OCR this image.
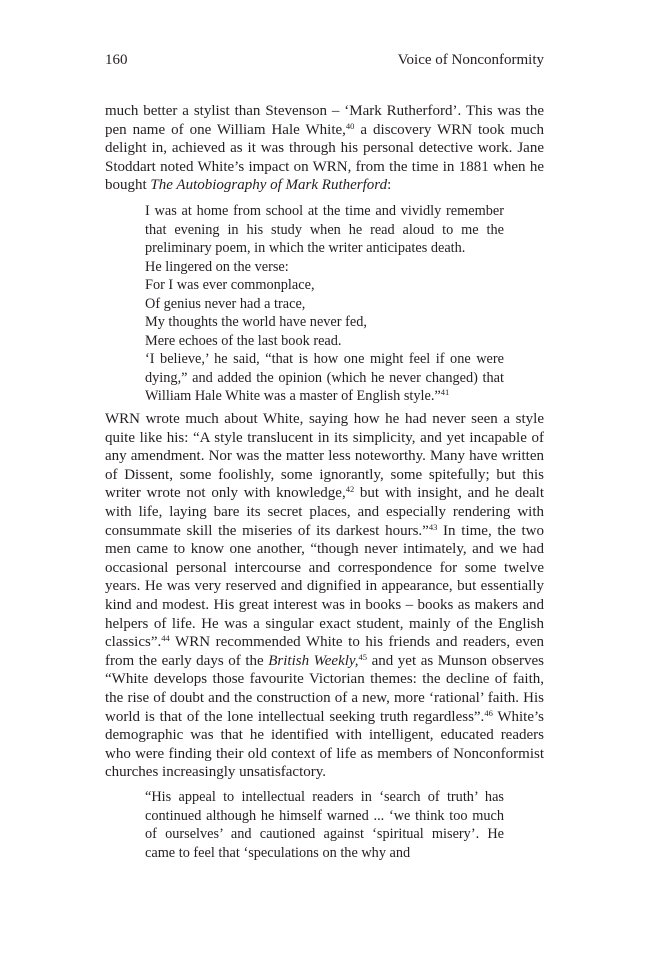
160	Voice of Nonconformity

much better a stylist than Stevenson – ‘Mark Rutherford’. This was the pen name of one William Hale White,$^{40}$ a discovery WRN took much delight in, achieved as it was through his personal detective work. Jane Stoddart noted White’s impact on WRN, from the time in 1881 when he bought The Autobiography of Mark Rutherford:

I was at home from school at the time and vividly remember that evening in his study when he read aloud to me the preliminary poem, in which the writer anticipates death.
He lingered on the verse:
For I was ever commonplace,
Of genius never had a trace,
My thoughts the world have never fed,
Mere echoes of the last book read.
‘I believe,’ he said, “that is how one might feel if one were dying,” and added the opinion (which he never changed) that William Hale White was a master of English style.”$^{41}$

WRN wrote much about White, saying how he had never seen a style quite like his: “A style translucent in its simplicity, and yet incapable of any amendment. Nor was the matter less noteworthy. Many have written of Dissent, some foolishly, some ignorantly, some spitefully; but this writer wrote not only with knowledge,$^{42}$ but with insight, and he dealt with life, laying bare its secret places, and especially rendering with consummate skill the miseries of its darkest hours.”$^{43}$ In time, the two men came to know one another, “though never intimately, and we had occasional personal intercourse and correspondence for some twelve years. He was very reserved and dignified in appearance, but essentially kind and modest. His great interest was in books – books as makers and helpers of life. He was a singular exact student, mainly of the English classics”.$^{44}$ WRN recommended White to his friends and readers, even from the early days of the British Weekly,$^{45}$ and yet as Munson observes “White develops those favourite Victorian themes: the decline of faith, the rise of doubt and the construction of a new, more ‘rational’ faith. His world is that of the lone intellectual seeking truth regardless”.$^{46}$ White’s demographic was that he identified with intelligent, educated readers who were finding their old context of life as members of Nonconformist churches increasingly unsatisfactory.

“His appeal to intellectual readers in ‘search of truth’ has continued although he himself warned ... ‘we think too much of ourselves’ and cautioned against ‘spiritual misery’. He came to feel that ‘speculations on the why and
